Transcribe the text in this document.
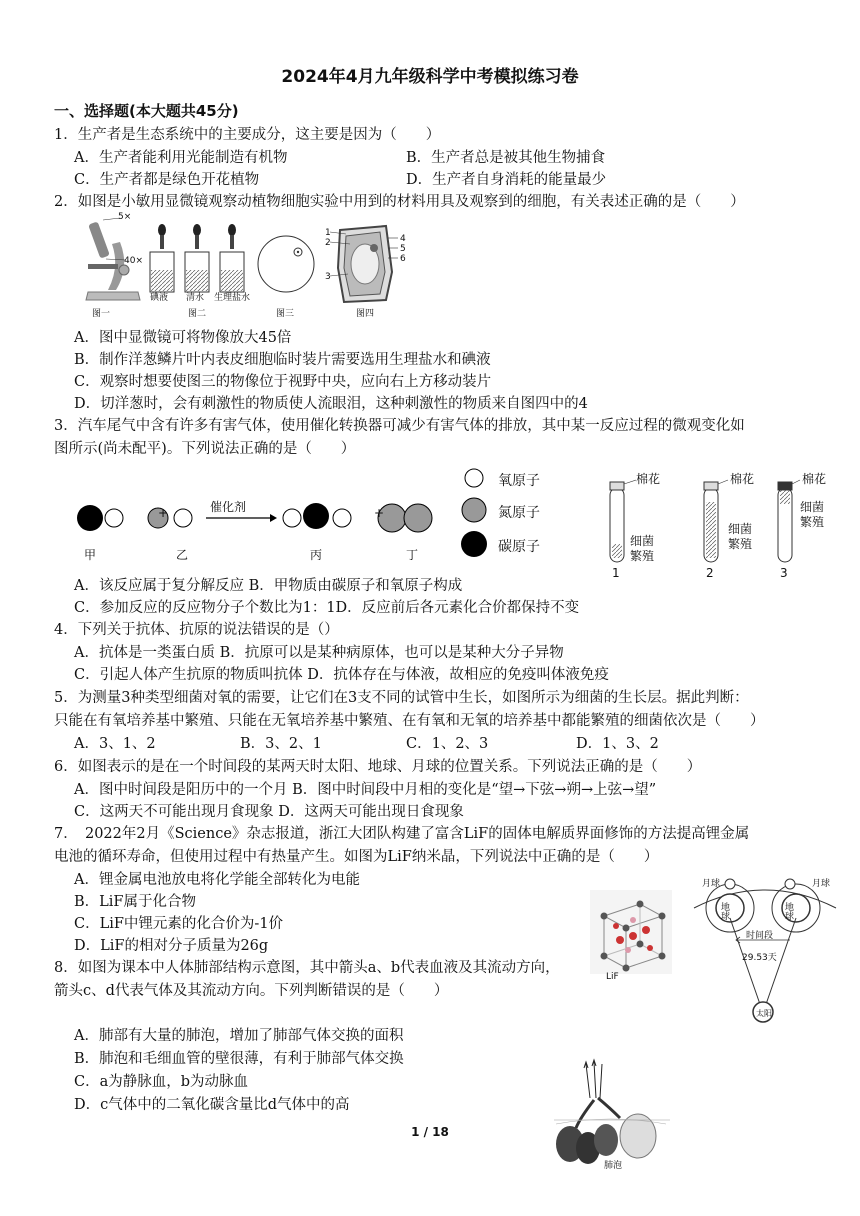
2024年4月九年级科学中考模拟练习卷
一、选择题(本大题共45分)
1．生产者是生态系统中的主要成分，这主要是因为（　　）
A．生产者能利用光能制造有机物	B．生产者总是被其他生物捕食
C．生产者都是绿色开花植物	D．生产者自身消耗的能量最少
2．如图是小敏用显微镜观察动植物细胞实验中用到的材料用具及观察到的细胞，有关表述正确的是（　　）
5×
40×
碘液 清水 生理盐水
图一	图二	图三	图四
1
2
3
4
5
6
A．图中显微镜可将物像放大45倍
B．制作洋葱鳞片叶内表皮细胞临时装片需要选用生理盐水和碘液
C．观察时想要使图三的物像位于视野中央，应向右上方移动装片
D．切洋葱时，会有刺激性的物质使人流眼泪，这种刺激性的物质来自图四中的4
3．汽车尾气中含有许多有害气体，使用催化转换器可减少有害气体的排放，其中某一反应过程的微观变化如
图所示(尚未配平)。下列说法正确的是（　　）
+	+
催化剂
甲	乙	丙	丁
氧原子
氮原子
碳原子
棉花	棉花	棉花
细菌繁殖
细菌繁殖
细菌繁殖
1	2	3
A．该反应属于复分解反应 B．甲物质由碳原子和氧原子构成
C．参加反应的反应物分子个数比为1：1D．反应前后各元素化合价都保持不变
4．下列关于抗体、抗原的说法错误的是（）
A．抗体是一类蛋白质 B．抗原可以是某种病原体，也可以是某种大分子异物
C．引起人体产生抗原的物质叫抗体 D．抗体存在与体液，故相应的免疫叫体液免疫
5．为测量3种类型细菌对氧的需要，让它们在3支不同的试管中生长，如图所示为细菌的生长层。据此判断：
只能在有氧培养基中繁殖、只能在无氧培养基中繁殖、在有氧和无氧的培养基中都能繁殖的细菌依次是（　　）
A．3、1、2	B．3、2、1	C．1、2、3	D．1、3、2
6．如图表示的是在一个时间段的某两天时太阳、地球、月球的位置关系。下列说法正确的是（　　）
A．图中时间段是阳历中的一个月 B．图中时间段中月相的变化是“望→下弦→朔→上弦→望”
C．这两天不可能出现月食现象 D．这两天可能出现日食现象
7．　2022年2月《Science》杂志报道，浙江大团队构建了富含LiF的固体电解质界面修饰的方法提高锂金属
电池的循环寿命，但使用过程中有热量产生。如图为LiF纳米晶，下列说法中正确的是（　　）
A．锂金属电池放电将化学能全部转化为电能
B．LiF属于化合物
C．LiF中锂元素的化合价为-1价
D．LiF的相对分子质量为26g
LiF
月球	月球
地球	地球
时间段
29.53天
太阳
8．如图为课本中人体肺部结构示意图，其中箭头a、b代表血液及其流动方向，
箭头c、d代表气体及其流动方向。下列判断错误的是（　　）
A．肺部有大量的肺泡，增加了肺部气体交换的面积
B．肺泡和毛细血管的壁很薄，有利于肺部气体交换
C．a为静脉血，b为动脉血
D．c气体中的二氧化碳含量比d气体中的高
肺泡
1 / 18
